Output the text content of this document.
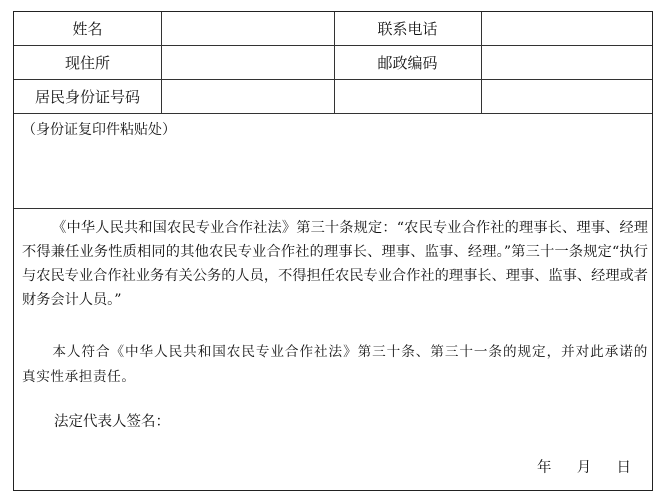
姓名	联系电话
现住所	邮政编码
居民身份证号码
（身份证复印件粘贴处）

《中华人民共和国农民专业合作社法》第三十条规定：“农民专业合作社的理事长、理事、经理不得兼任业务性质相同的其他农民专业合作社的理事长、理事、监事、经理。”第三十一条规定“执行与农民专业合作社业务有关公务的人员，不得担任农民专业合作社的理事长、理事、监事、经理或者财务会计人员。”

本人符合《中华人民共和国农民专业合作社法》第三十条、第三十一条的规定，并对此承诺的真实性承担责任。

法定代表人签名：
年 月 日
